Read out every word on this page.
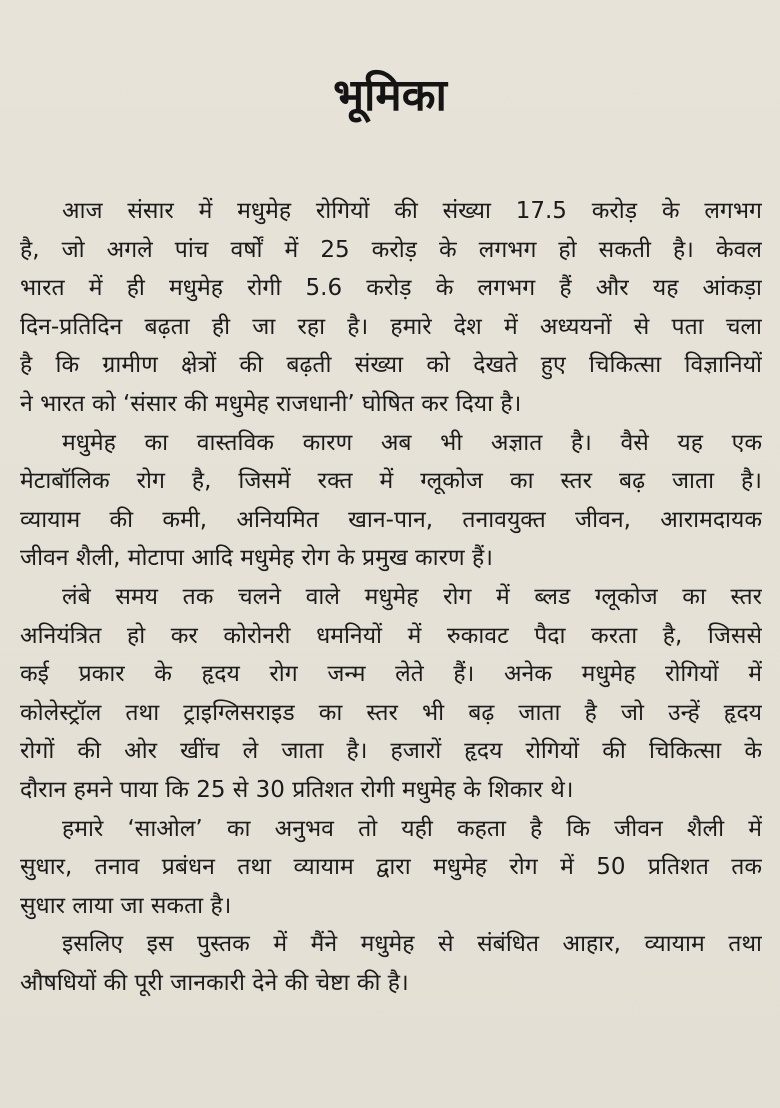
भूमिका
आज संसार में मधुमेह रोगियों की संख्या 17.5 करोड़ के लगभग
है, जो अगले पांच वर्षों में 25 करोड़ के लगभग हो सकती है। केवल
भारत में ही मधुमेह रोगी 5.6 करोड़ के लगभग हैं और यह आंकड़ा
दिन-प्रतिदिन बढ़ता ही जा रहा है। हमारे देश में अध्ययनों से पता चला
है कि ग्रामीण क्षेत्रों की बढ़ती संख्या को देखते हुए चिकित्सा विज्ञानियों
ने भारत को ‘संसार की मधुमेह राजधानी’ घोषित कर दिया है।
मधुमेह का वास्तविक कारण अब भी अज्ञात है। वैसे यह एक
मेटाबॉलिक रोग है, जिसमें रक्त में ग्लूकोज का स्तर बढ़ जाता है।
व्यायाम की कमी, अनियमित खान-पान, तनावयुक्त जीवन, आरामदायक
जीवन शैली, मोटापा आदि मधुमेह रोग के प्रमुख कारण हैं।
लंबे समय तक चलने वाले मधुमेह रोग में ब्लड ग्लूकोज का स्तर
अनियंत्रित हो कर कोरोनरी धमनियों में रुकावट पैदा करता है, जिससे
कई प्रकार के हृदय रोग जन्म लेते हैं। अनेक मधुमेह रोगियों में
कोलेस्ट्रॉल तथा ट्राइग्लिसराइड का स्तर भी बढ़ जाता है जो उन्हें हृदय
रोगों की ओर खींच ले जाता है। हजारों हृदय रोगियों की चिकित्सा के
दौरान हमने पाया कि 25 से 30 प्रतिशत रोगी मधुमेह के शिकार थे।
हमारे ‘साओल’ का अनुभव तो यही कहता है कि जीवन शैली में
सुधार, तनाव प्रबंधन तथा व्यायाम द्वारा मधुमेह रोग में 50 प्रतिशत तक
सुधार लाया जा सकता है।
इसलिए इस पुस्तक में मैंने मधुमेह से संबंधित आहार, व्यायाम तथा
औषधियों की पूरी जानकारी देने की चेष्टा की है।
